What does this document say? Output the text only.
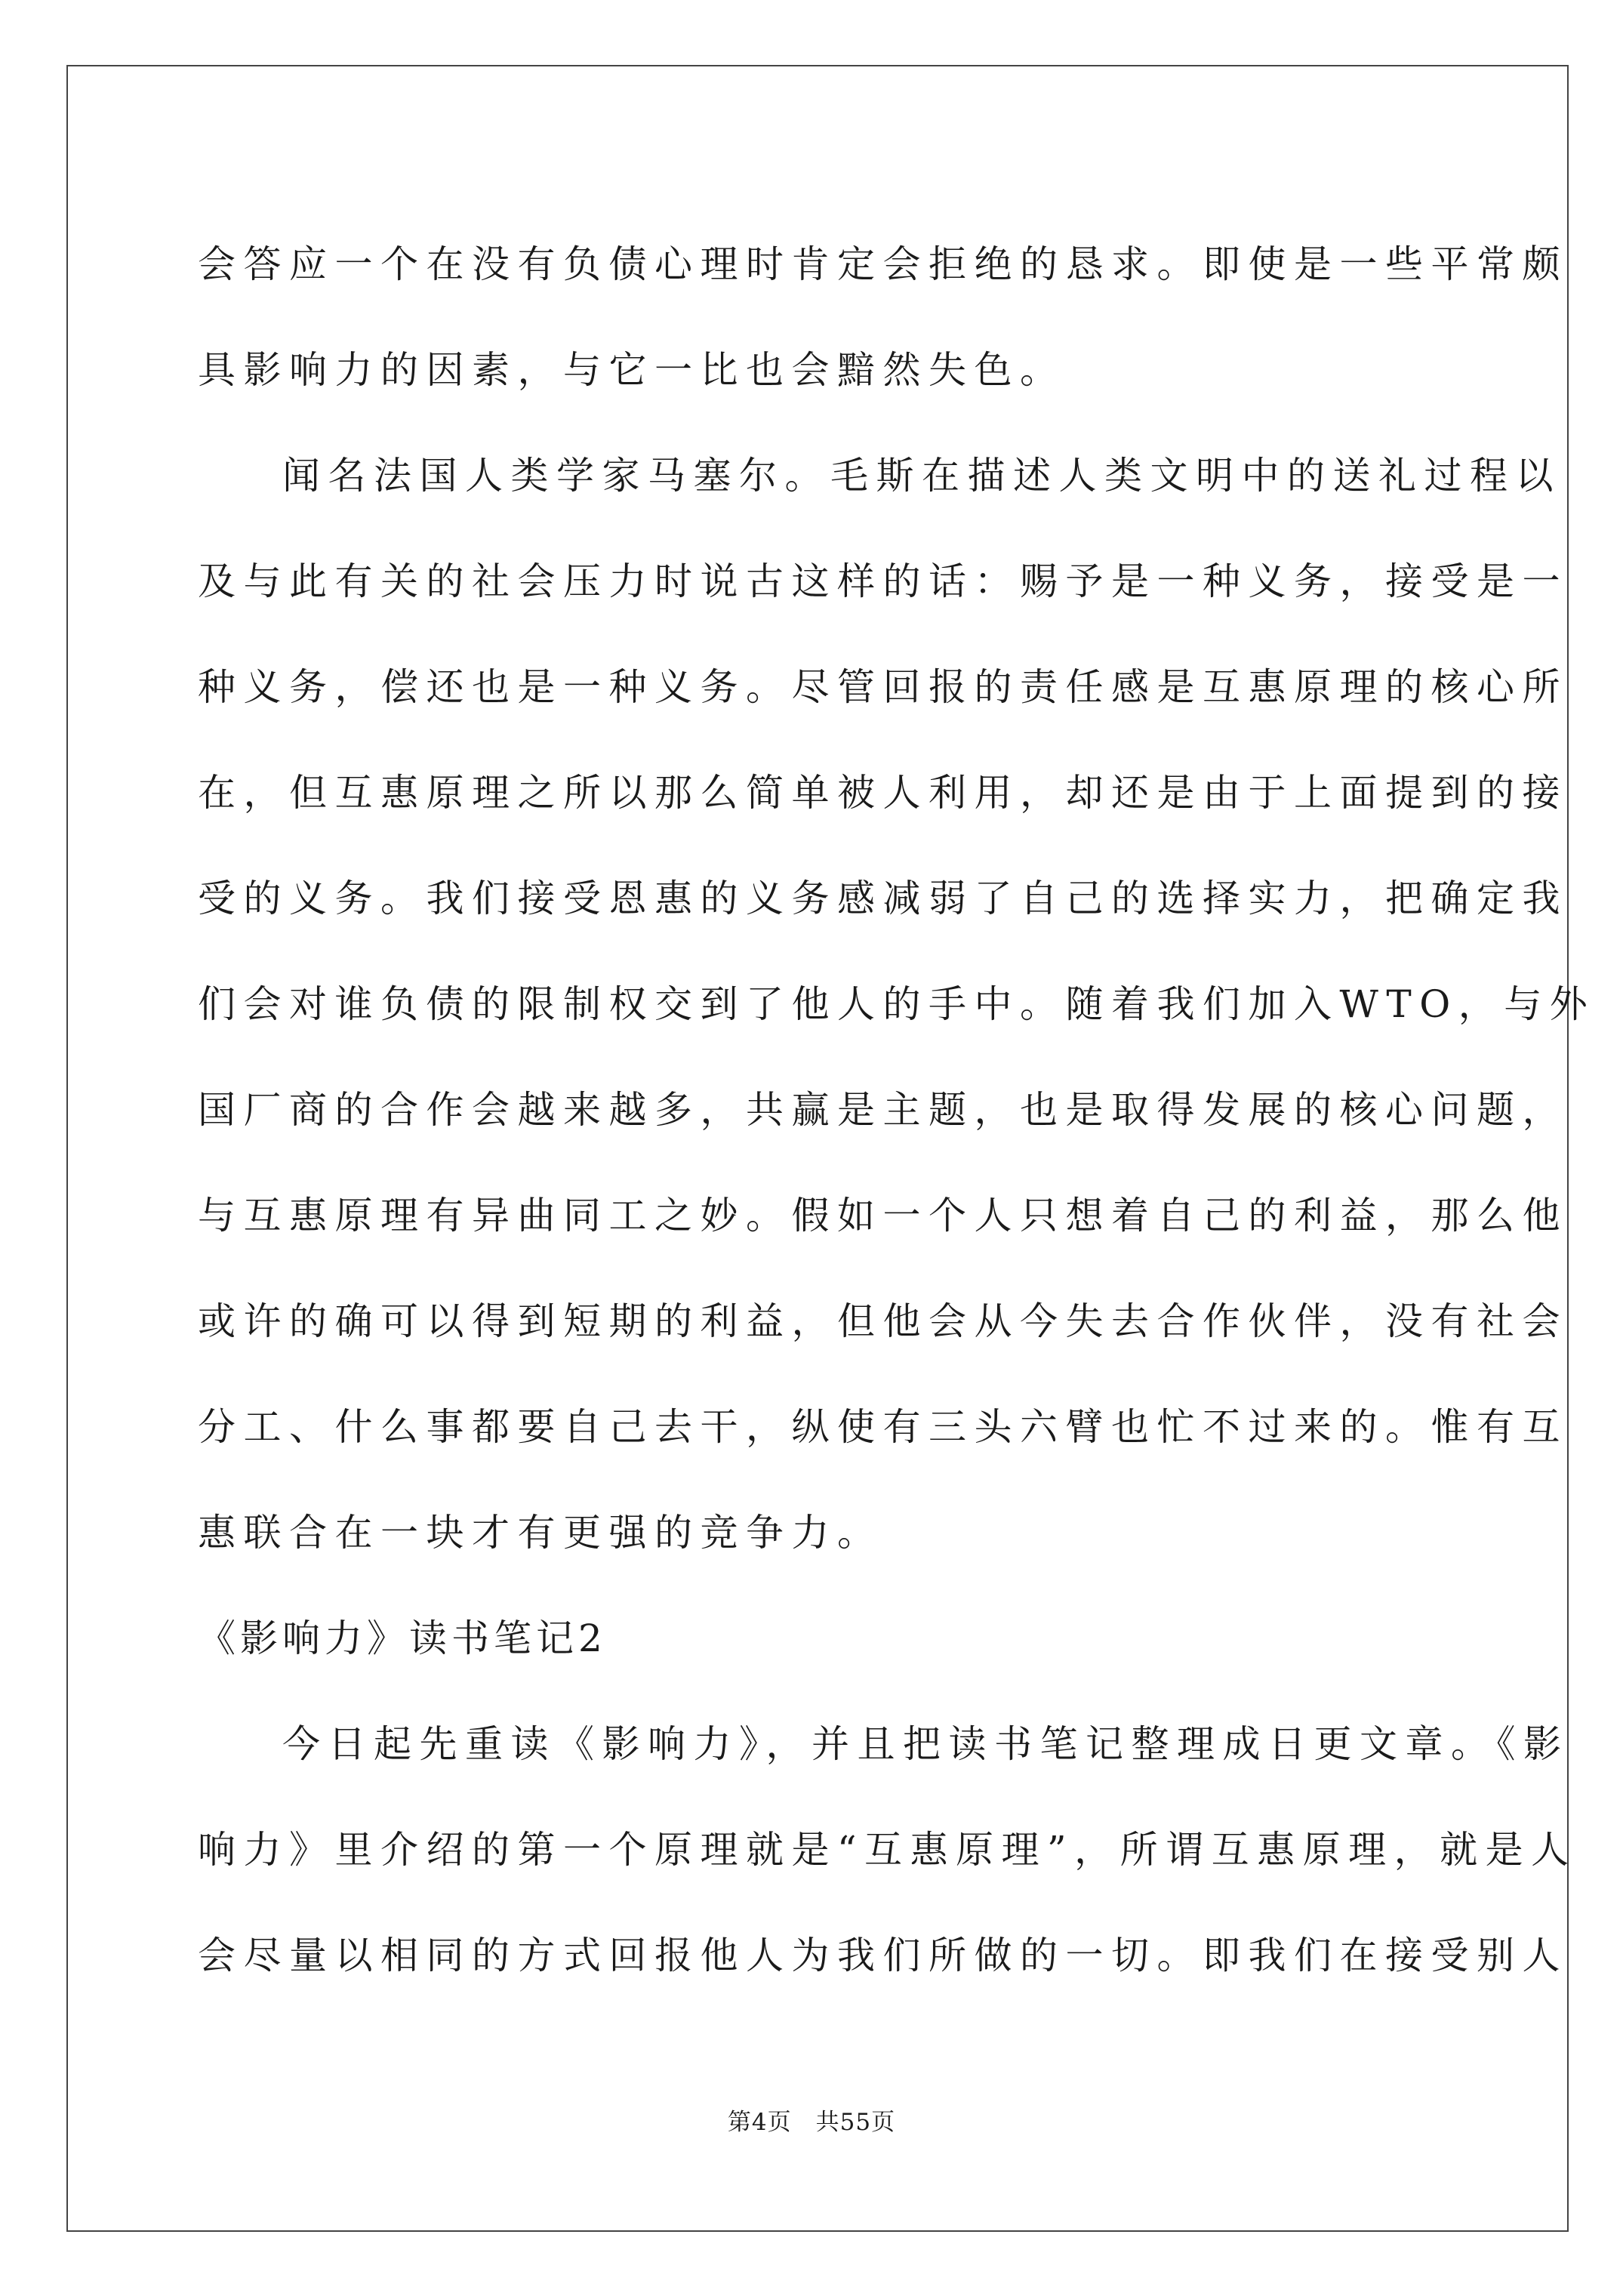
会答应一个在没有负债心理时肯定会拒绝的恳求。即使是一些平常颇
具影响力的因素，与它一比也会黯然失色。
闻名法国人类学家马塞尔。毛斯在描述人类文明中的送礼过程以
及与此有关的社会压力时说古这样的话：赐予是一种义务，接受是一
种义务，偿还也是一种义务。尽管回报的责任感是互惠原理的核心所
在，但互惠原理之所以那么简单被人利用，却还是由于上面提到的接
受的义务。我们接受恩惠的义务感减弱了自己的选择实力，把确定我
们会对谁负债的限制权交到了他人的手中。随着我们加入WTO，与外
国厂商的合作会越来越多，共赢是主题，也是取得发展的核心问题，
与互惠原理有异曲同工之妙。假如一个人只想着自己的利益，那么他
或许的确可以得到短期的利益，但他会从今失去合作伙伴，没有社会
分工、什么事都要自己去干，纵使有三头六臂也忙不过来的。惟有互
惠联合在一块才有更强的竞争力。
《影响力》读书笔记2
今日起先重读《影响力》，并且把读书笔记整理成日更文章。《影
响力》里介绍的第一个原理就是“互惠原理”，所谓互惠原理，就是人
会尽量以相同的方式回报他人为我们所做的一切。即我们在接受别人
第4页　共55页
